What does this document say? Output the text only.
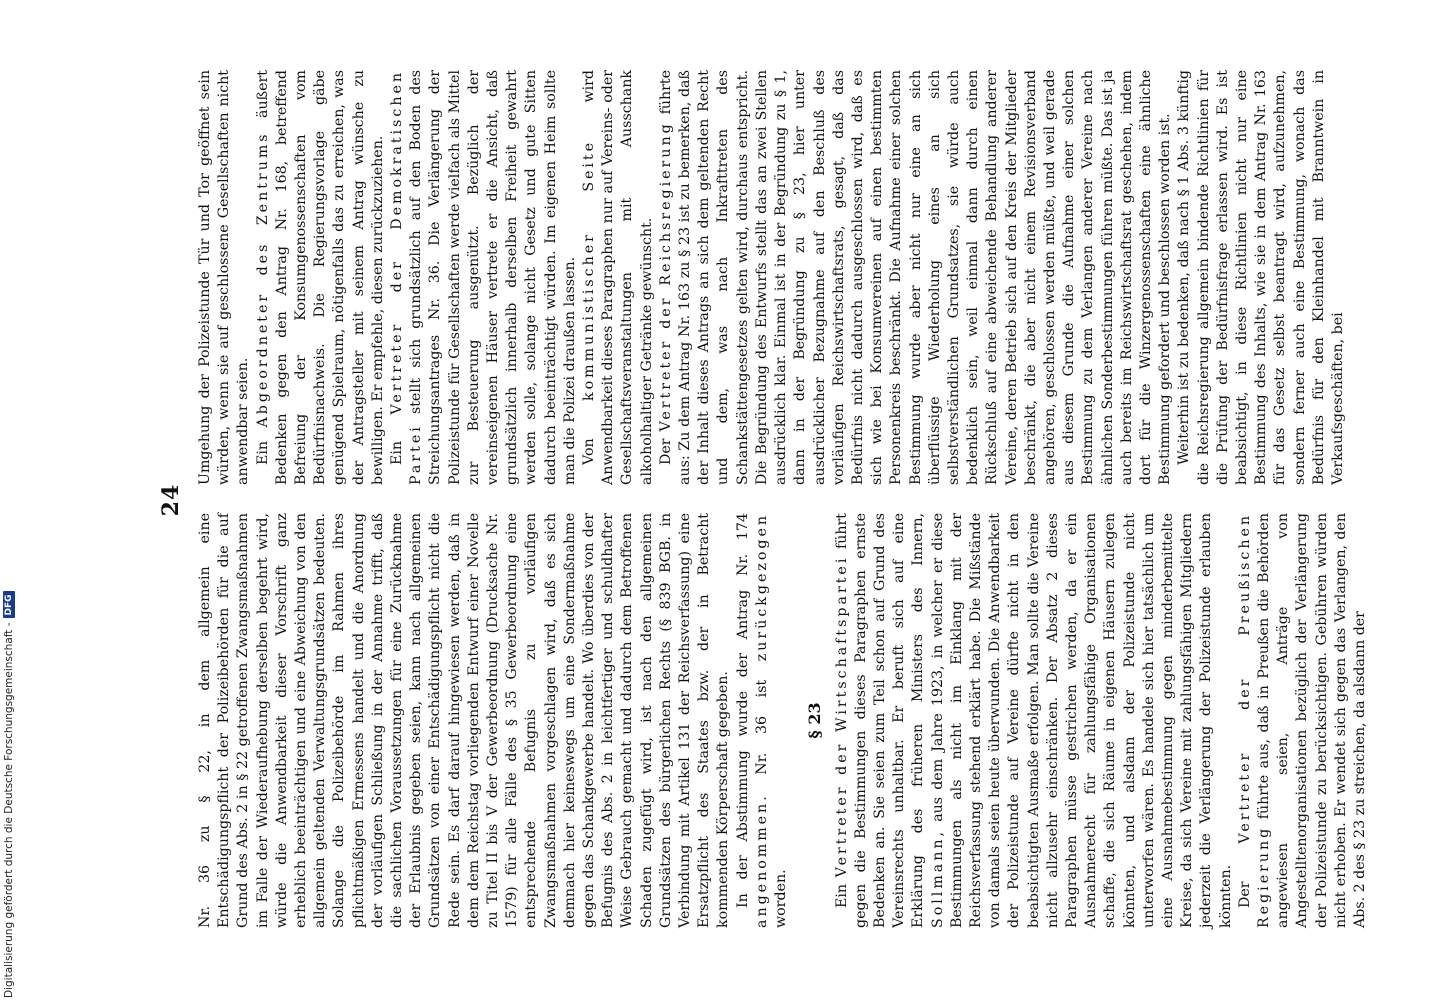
Digitalisierung gefördert durch die Deutsche Forschungsgemeinschaft -
DFG
24

Nr. 36 zu § 22, in dem allgemein eine Entschädigungspflicht der Polizeibehörden für die auf Grund des Abs. 2 in § 22 getroffenen Zwangsmaßnahmen im Falle der Wiederaufhebung derselben begehrt wird, würde die Anwendbarkeit dieser Vorschrift ganz erheblich beeinträchtigen und eine Abweichung von den allgemein geltenden Verwaltungsgrundsätzen bedeuten. Solange die Polizeibehörde im Rahmen ihres pflichtmäßigen Ermessens handelt und die Anordnung der vorläufigen Schließung in der Annahme trifft, daß die sachlichen Voraussetzungen für eine Zurücknahme der Erlaubnis gegeben seien, kann nach allgemeinen Grundsätzen von einer Entschädigungspflicht nicht die Rede sein. Es darf darauf hingewiesen werden, daß in dem dem Reichstag vorliegenden Entwurf einer Novelle zu Titel II bis V der Gewerbeordnung (Drucksache Nr. 1579) für alle Fälle des § 35 Gewerbeordnung eine entsprechende Befugnis zu vorläufigen Zwangsmaßnahmen vorgeschlagen wird, daß es sich demnach hier keineswegs um eine Sondermaßnahme gegen das Schankgewerbe handelt. Wo überdies von der Befugnis des Abs. 2 in leichtfertiger und schuldhafter Weise Gebrauch gemacht und dadurch dem Betroffenen Schaden zugefügt wird, ist nach den allgemeinen Grundsätzen des bürgerlichen Rechts (§ 839 BGB. in Verbindung mit Artikel 131 der Reichsverfassung) eine Ersatzpflicht des Staates bzw. der in Betracht kommenden Körperschaft gegeben. In der Abstimmung wurde der Antrag Nr. 174 angenommen. Nr. 36 ist zurückgezogen worden.

§ 23

Ein Vertreter der Wirtschaftspartei führt gegen die Bestimmungen dieses Paragraphen ernste Bedenken an. Sie seien zum Teil schon auf Grund des Vereinsrechts unhaltbar. Er beruft sich auf eine Erklärung des früheren Ministers des Innern, Sollmann, aus dem Jahre 1923, in welcher er diese Bestimmungen als nicht im Einklang mit der Reichsverfassung stehend erklärt habe. Die Mißstände von damals seien heute überwunden. Die Anwendbarkeit der Polizeistunde auf Vereine dürfte nicht in den beabsichtigten Ausmaße erfolgen. Man sollte die Vereine nicht allzusehr einschränken. Der Absatz 2 dieses Paragraphen müsse gestrichen werden, da er ein Ausnahmerecht für zahlungsfähige Organisationen schaffe, die sich Räume in eigenen Häusern zulegen könnten, und alsdann der Polizeistunde nicht unterworfen wären. Es handele sich hier tatsächlich um eine Ausnahmebestimmung gegen minderbemittelte Kreise, da sich Vereine mit zahlungsfähigen Mitgliedern jederzeit die Verlängerung der Polizeistunde erlauben könnten. Der Vertreter der Preußischen Regierung führte aus, daß in Preußen die Behörden angewiesen seien, Anträge von Angestelltenorganisationen bezüglich der Verlängerung der Polizeistunde zu berücksichtigen. Gebühren würden nicht erhoben. Er wendet sich gegen das Verlangen, den Abs. 2 des § 23 zu streichen, da alsdann der

Umgehung der Polizeistunde Tür und Tor geöffnet sein würden, wenn sie auf geschlossene Gesellschaften nicht anwendbar seien. Ein Abgeordneter des Zentrums äußert Bedenken gegen den Antrag Nr. 168, betreffend Befreiung der Konsumgenossenschaften vom Bedürfnisnachweis. Die Regierungsvorlage gäbe genügend Spielraum, nötigenfalls das zu erreichen, was der Antragsteller mit seinem Antrag wünsche zu bewilligen. Er empfehle, diesen zurückzuziehen. Ein Vertreter der Demokratischen Partei stellt sich grundsätzlich auf den Boden des Streichungsantrages Nr. 36. Die Verlängerung der Polizeistunde für Gesellschaften werde vielfach als Mittel zur Besteuerung ausgenützt. Bezüglich der vereinseigenen Häuser vertrete er die Ansicht, daß grundsätzlich innerhalb derselben Freiheit gewahrt werden solle, solange nicht Gesetz und gute Sitten dadurch beeinträchtigt würden. Im eigenen Heim sollte man die Polizei draußen lassen. Von kommunistischer Seite wird Anwendbarkeit dieses Paragraphen nur auf Vereins- oder Gesellschaftsveranstaltungen mit Ausschank alkoholhaltiger Getränke gewünscht. Der Vertreter der Reichsregierung führte aus: Zu dem Antrag Nr. 163 zu § 23 ist zu bemerken, daß der Inhalt dieses Antrags an sich dem geltenden Recht und dem, was nach Inkrafttreten des Schankstättengesetzes gelten wird, durchaus entspricht. Die Begründung des Entwurfs stellt das an zwei Stellen ausdrücklich klar. Einmal ist in der Begründung zu § 1, dann in der Begründung zu § 23, hier unter ausdrücklicher Bezugnahme auf den Beschluß des vorläufigen Reichswirtschaftsrats, gesagt, daß das Bedürfnis nicht dadurch ausgeschlossen wird, daß es sich wie bei Konsumvereinen auf einen bestimmten Personenkreis beschränkt. Die Aufnahme einer solchen Bestimmung wurde aber nicht nur eine an sich überflüssige Wiederholung eines an sich selbstverständlichen Grundsatzes, sie würde auch bedenklich sein, weil einmal dann durch einen Rückschluß auf eine abweichende Behandlung anderer Vereine, deren Betrieb sich auf den Kreis der Mitglieder beschränkt, die aber nicht einem Revisionsverband angehören, geschlossen werden müßte, und weil gerade aus diesem Grunde die Aufnahme einer solchen Bestimmung zu dem Verlangen anderer Vereine nach ähnlichen Sonderbestimmungen führen müßte. Das ist ja auch bereits im Reichswirtschaftsrat geschehen, indem dort für die Winzergenossenschaften eine ähnliche Bestimmung gefordert und beschlossen worden ist. Weiterhin ist zu bedenken, daß nach § 1 Abs. 3 künftig die Reichsregierung allgemein bindende Richtlinien für die Prüfung der Bedürfnisfrage erlassen wird. Es ist beabsichtigt, in diese Richtlinien nicht nur eine Bestimmung des Inhalts, wie sie in dem Antrag Nr. 163 für das Gesetz selbst beantragt wird, aufzunehmen, sondern ferner auch eine Bestimmung, wonach das Bedürfnis für den Kleinhandel mit Branntwein in Verkaufsgeschäften, bei
